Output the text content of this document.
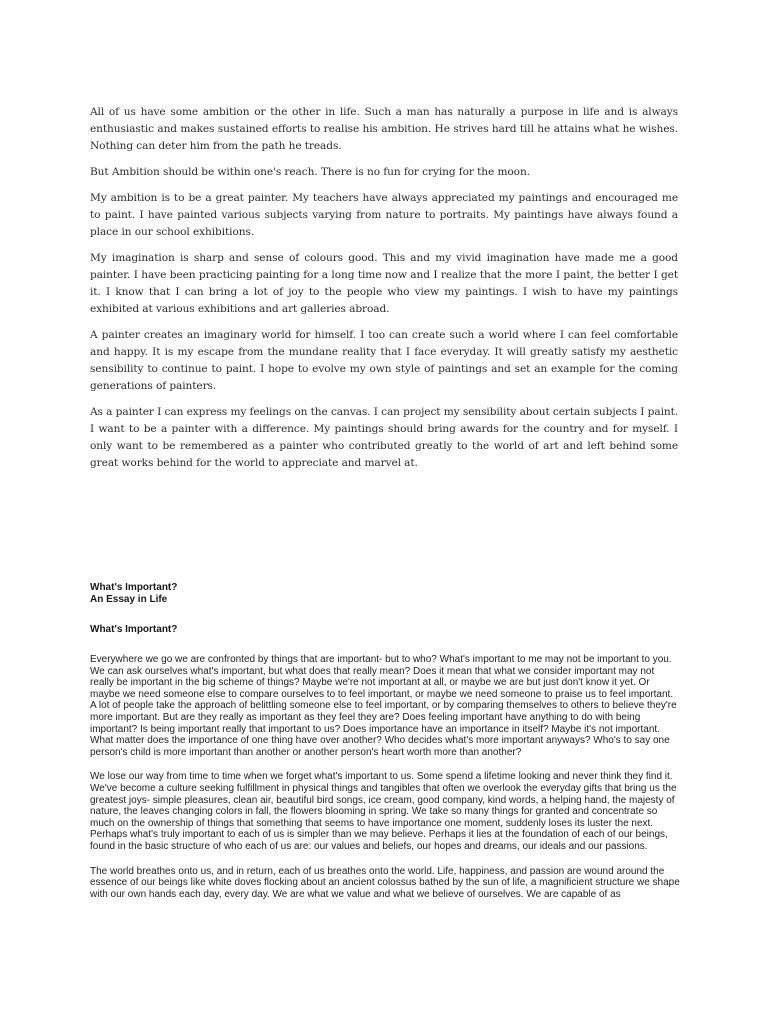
All of us have some ambition or the other in life. Such a man has naturally a purpose in life and is always enthusiastic and makes sustained efforts to realise his ambition. He strives hard till he attains what he wishes. Nothing can deter him from the path he treads.

But Ambition should be within one's reach. There is no fun for crying for the moon.

My ambition is to be a great painter. My teachers have always appreciated my paintings and encouraged me to paint. I have painted various subjects varying from nature to portraits. My paintings have always found a place in our school exhibitions.

My imagination is sharp and sense of colours good. This and my vivid imagination have made me a good painter. I have been practicing painting for a long time now and I realize that the more I paint, the better I get it. I know that I can bring a lot of joy to the people who view my paintings. I wish to have my paintings exhibited at various exhibitions and art galleries abroad.

A painter creates an imaginary world for himself. I too can create such a world where I can feel comfortable and happy. It is my escape from the mundane reality that I face everyday. It will greatly satisfy my aesthetic sensibility to continue to paint. I hope to evolve my own style of paintings and set an example for the coming generations of painters.

As a painter I can express my feelings on the canvas. I can project my sensibility about certain subjects I paint. I want to be a painter with a difference. My paintings should bring awards for the country and for myself. I only want to be remembered as a painter who contributed greatly to the world of art and left behind some great works behind for the world to appreciate and marvel at.

What's Important?
An Essay in Life
What's Important?

Everywhere we go we are confronted by things that are important- but to who? What's important to me may not be important to you. We can ask ourselves what's important, but what does that really mean? Does it mean that what we consider important may not really be important in the big scheme of things? Maybe we're not important at all, or maybe we are but just don't know it yet. Or maybe we need someone else to compare ourselves to to feel important, or maybe we need someone to praise us to feel important. A lot of people take the approach of belittling someone else to feel important, or by comparing themselves to others to believe they're more important. But are they really as important as they feel they are? Does feeling important have anything to do with being important? Is being important really that important to us? Does importance have an importance in itself? Maybe it's not important. What matter does the importance of one thing have over another? Who decides what's more important anyways? Who's to say one person's child is more important than another or another person's heart worth more than another?

We lose our way from time to time when we forget what's important to us. Some spend a lifetime looking and never think they find it. We've become a culture seeking fulfillment in physical things and tangibles that often we overlook the everyday gifts that bring us the greatest joys- simple pleasures, clean air, beautiful bird songs, ice cream, good company, kind words, a helping hand, the majesty of nature, the leaves changing colors in fall, the flowers blooming in spring. We take so many things for granted and concentrate so much on the ownership of things that something that seems to have importance one moment, suddenly loses its luster the next. Perhaps what's truly important to each of us is simpler than we may believe. Perhaps it lies at the foundation of each of our beings, found in the basic structure of who each of us are: our values and beliefs, our hopes and dreams, our ideals and our passions.

The world breathes onto us, and in return, each of us breathes onto the world. Life, happiness, and passion are wound around the essence of our beings like white doves flocking about an ancient colossus bathed by the sun of life, a magnificient structure we shape with our own hands each day, every day. We are what we value and what we believe of ourselves. We are capable of as
